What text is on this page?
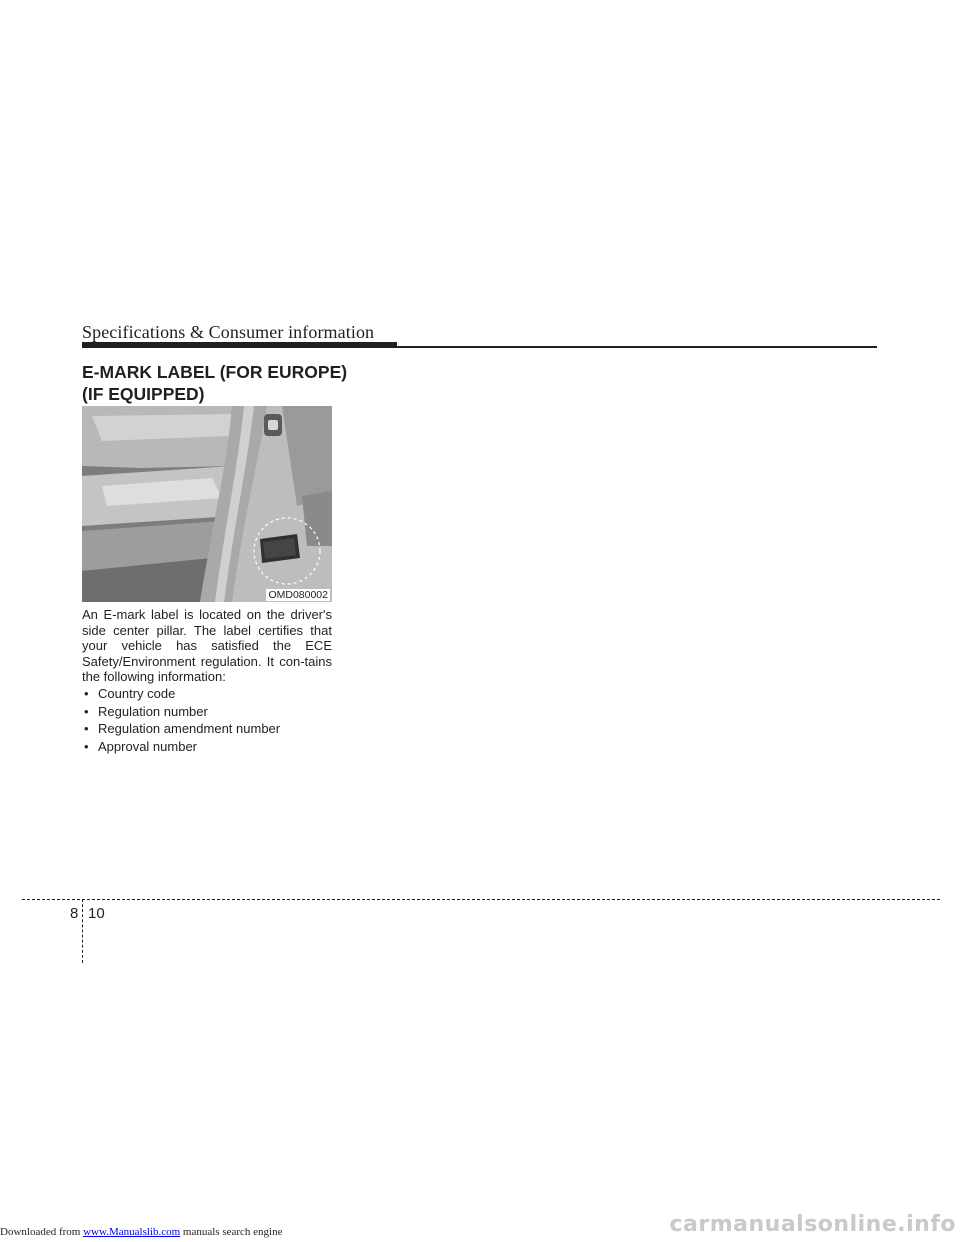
Specifications & Consumer information
E-MARK LABEL (FOR EUROPE)
(IF EQUIPPED)
OMD080002

An E-mark label is located on the driver's side center pillar. The label certifies that your vehicle has satisfied the ECE Safety/Environment regulation. It con-tains the following information:

• Country code
• Regulation number
• Regulation amendment number
• Approval number
8 10
Downloaded from www.Manualslib.com manuals search engine	carmanualsonline.info
